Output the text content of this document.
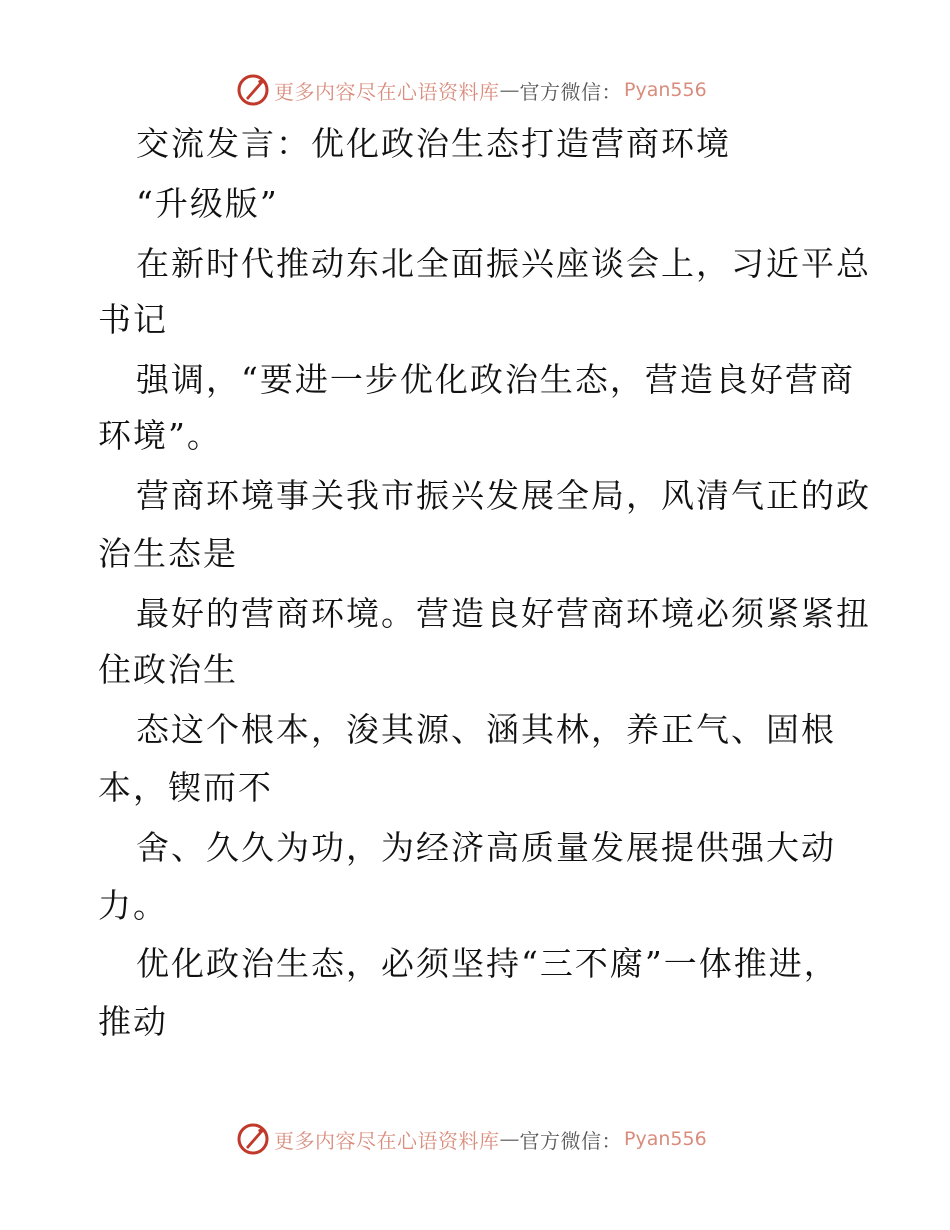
更多内容尽在心语资料库 — 官方微信： Pyan556
交流发言：优化政治生态打造营商环境
“升级版”
在新时代推动东北全面振兴座谈会上，习近平总
书记
强调，“要进一步优化政治生态，营造良好营商
环境”。
营商环境事关我市振兴发展全局，风清气正的政
治生态是
最好的营商环境。营造良好营商环境必须紧紧扭
住政治生
态这个根本，浚其源、涵其林，养正气、固根
本，锲而不
舍、久久为功，为经济高质量发展提供强大动
力。
优化政治生态，必须坚持“三不腐”一体推进，
推动
更多内容尽在心语资料库 — 官方微信： Pyan556
